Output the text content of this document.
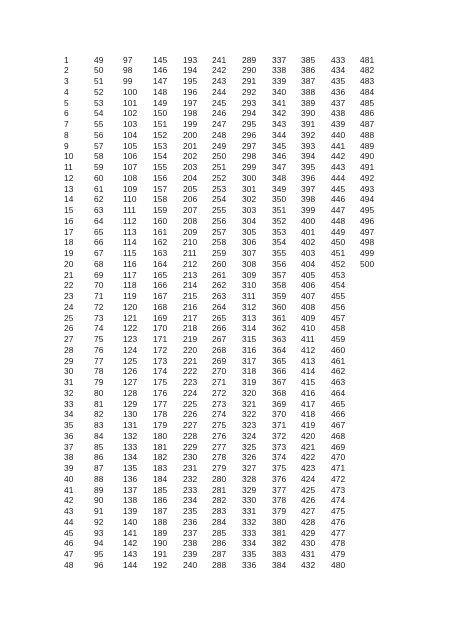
1
2
3
4
5
6
7
8
9
10
11
12
13
14
15
16
17
18
19
20
21
22
23
24
25
26
27
28
29
30
31
32
33
34
35
36
37
38
39
40
41
42
43
44
45
46
47
48
49
50
51
52
53
54
55
56
57
58
59
60
61
62
63
64
65
66
67
68
69
70
71
72
73
74
75
76
77
78
79
80
81
82
83
84
85
86
87
88
89
90
91
92
93
94
95
96
97
98
99
100
101
102
103
104
105
106
107
108
109
110
111
112
113
114
115
116
117
118
119
120
121
122
123
124
125
126
127
128
129
130
131
132
133
134
135
136
137
138
139
140
141
142
143
144
145
146
147
148
149
150
151
152
153
154
155
156
157
158
159
160
161
162
163
164
165
166
167
168
169
170
171
172
173
174
175
176
177
178
179
180
181
182
183
184
185
186
187
188
189
190
191
192
193
194
195
196
197
198
199
200
201
202
203
204
205
206
207
208
209
210
211
212
213
214
215
216
217
218
219
220
221
222
223
224
225
226
227
228
229
230
231
232
233
234
235
236
237
238
239
240
241
242
243
244
245
246
247
248
249
250
251
252
253
254
255
256
257
258
259
260
261
262
263
264
265
266
267
268
269
270
271
272
273
274
275
276
277
278
279
280
281
282
283
284
285
286
287
288
289
290
291
292
293
294
295
296
297
298
299
300
301
302
303
304
305
306
307
308
309
310
311
312
313
314
315
316
317
318
319
320
321
322
323
324
325
326
327
328
329
330
331
332
333
334
335
336
337
338
339
340
341
342
343
344
345
346
347
348
349
350
351
352
353
354
355
356
357
358
359
360
361
362
363
364
365
366
367
368
369
370
371
372
373
374
375
376
377
378
379
380
381
382
383
384
385
386
387
388
389
390
391
392
393
394
395
396
397
398
399
400
401
402
403
404
405
406
407
408
409
410
411
412
413
414
415
416
417
418
419
420
421
422
423
424
425
426
427
428
429
430
431
432
433
434
435
436
437
438
439
440
441
442
443
444
445
446
447
448
449
450
451
452
453
454
455
456
457
458
459
460
461
462
463
464
465
466
467
468
469
470
471
472
473
474
475
476
477
478
479
480
481
482
483
484
485
486
487
488
489
490
491
492
493
494
495
496
497
498
499
500
